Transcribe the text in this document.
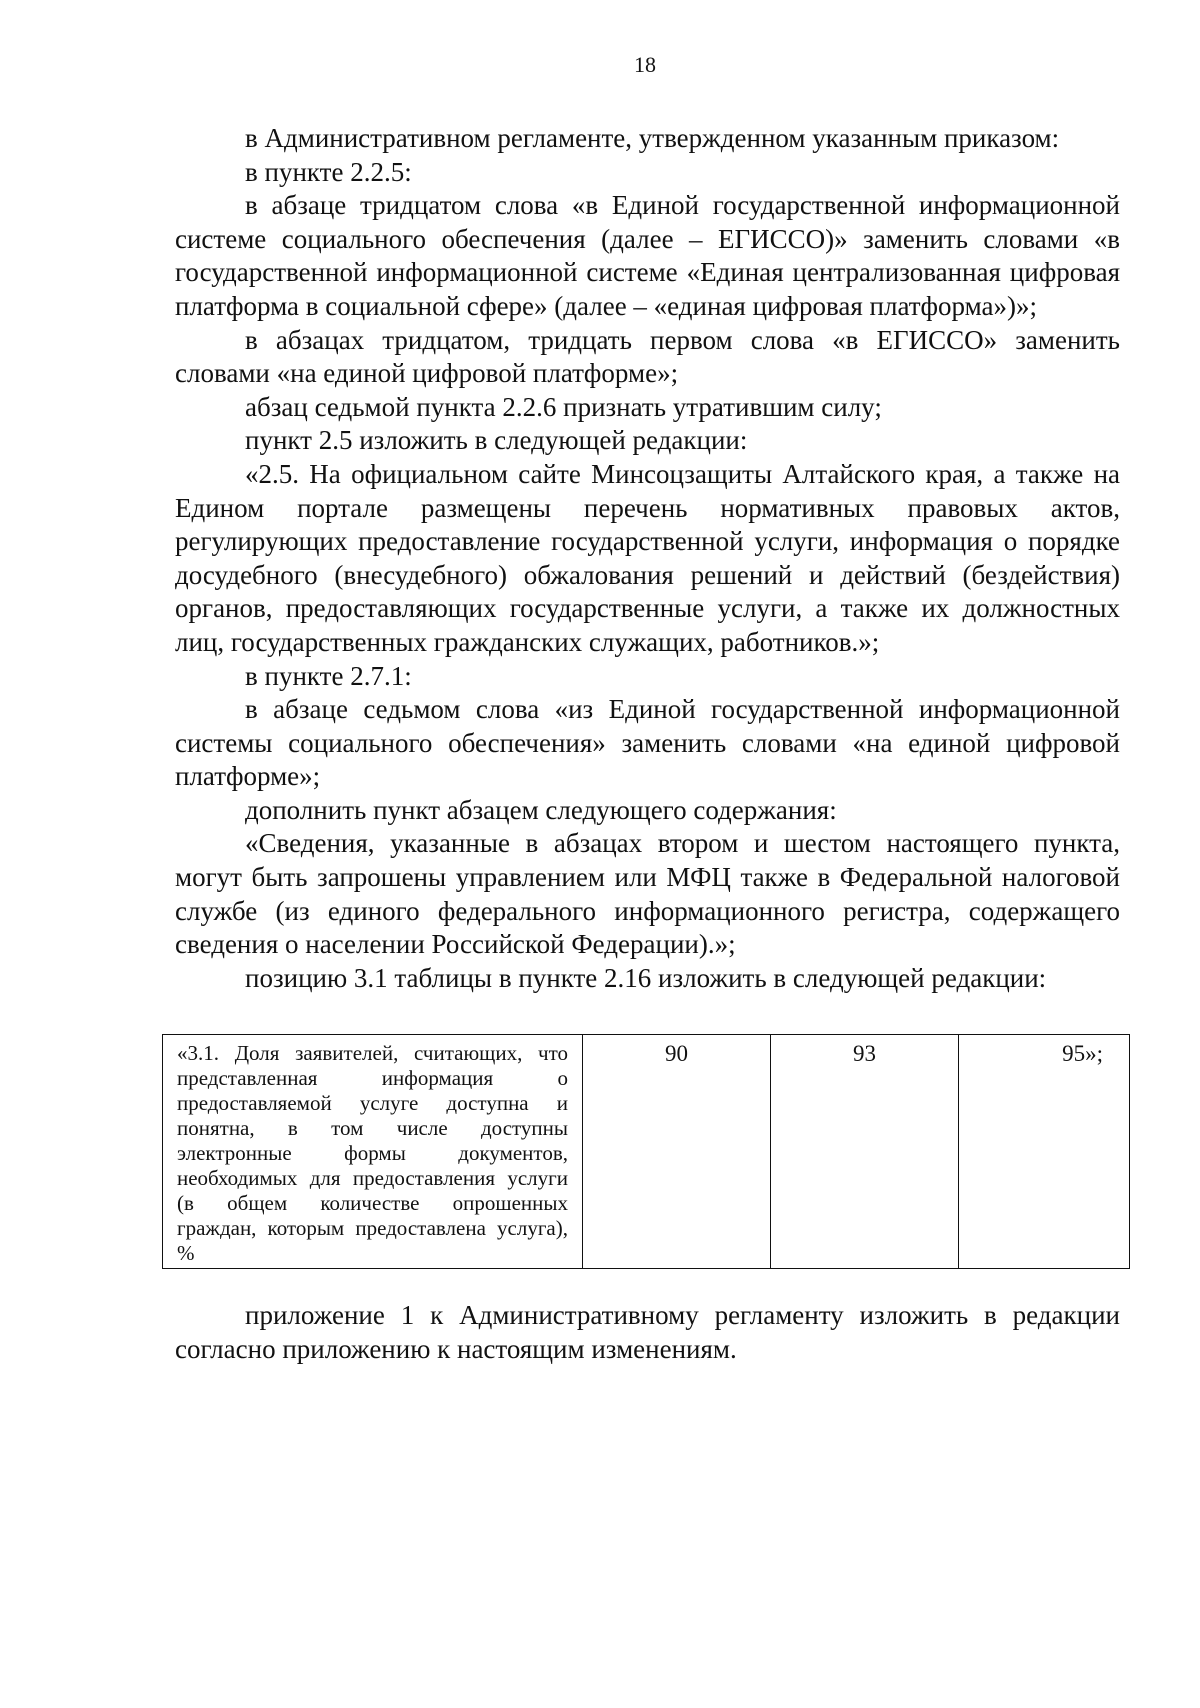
18

в Административном регламенте, утвержденном указанным приказом:

в пункте 2.2.5:

в абзаце тридцатом слова «в Единой государственной информационной системе социального обеспечения (далее – ЕГИССО)» заменить словами «в государственной информационной системе «Единая централизованная цифровая платформа в социальной сфере» (далее – «единая цифровая платформа»)»;

в абзацах тридцатом, тридцать первом слова «в ЕГИССО» заменить словами «на единой цифровой платформе»;

абзац седьмой пункта 2.2.6 признать утратившим силу;

пункт 2.5 изложить в следующей редакции:

«2.5. На официальном сайте Минсоцзащиты Алтайского края, а также на Едином портале размещены перечень нормативных правовых актов, регулирующих предоставление государственной услуги, информация о порядке досудебного (внесудебного) обжалования решений и действий (бездействия) органов, предоставляющих государственные услуги, а также их должностных лиц, государственных гражданских служащих, работников.»;

в пункте 2.7.1:

в абзаце седьмом слова «из Единой государственной информационной системы социального обеспечения» заменить словами «на единой цифровой платформе»;

дополнить пункт абзацем следующего содержания:

«Сведения, указанные в абзацах втором и шестом настоящего пункта, могут быть запрошены управлением или МФЦ также в Федеральной налоговой службе (из единого федерального информационного регистра, содержащего сведения о населении Российской Федерации).»;

позицию 3.1 таблицы в пункте 2.16 изложить в следующей редакции:

«3.1. Доля заявителей, считающих, что представленная информация о предоставляемой услуге доступна и понятна, в том числе доступны электронные формы документов, необходимых для предоставления услуги (в общем количестве опрошенных граждан, которым предоставлена услуга), %	90	93	95»;

приложение 1 к Административному регламенту изложить в редакции согласно приложению к настоящим изменениям.
